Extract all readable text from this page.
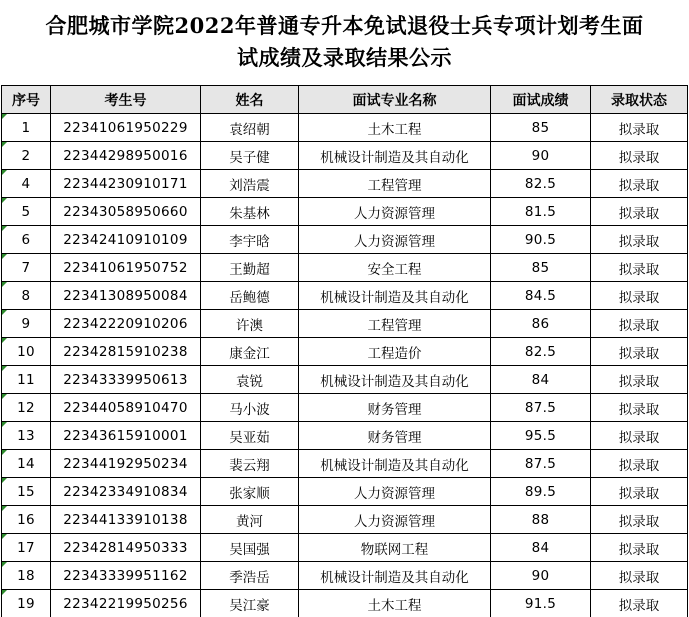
合肥城市学院2022年普通专升本免试退役士兵专项计划考生面
试成绩及录取结果公示
序号	考生号	姓名	面试专业名称	面试成绩	录取状态
1	22341061950229	袁绍朝	土木工程	85	拟录取
2	22344298950016	吴子健	机械设计制造及其自动化	90	拟录取
4	22344230910171	刘浩震	工程管理	82.5	拟录取
5	22343058950660	朱基林	人力资源管理	81.5	拟录取
6	22342410910109	李宇晗	人力资源管理	90.5	拟录取
7	22341061950752	王勤超	安全工程	85	拟录取
8	22341308950084	岳鲍德	机械设计制造及其自动化	84.5	拟录取
9	22342220910206	许澳	工程管理	86	拟录取
10	22342815910238	康金江	工程造价	82.5	拟录取
11	22343339950613	袁锐	机械设计制造及其自动化	84	拟录取
12	22344058910470	马小波	财务管理	87.5	拟录取
13	22343615910001	吴亚茹	财务管理	95.5	拟录取
14	22344192950234	裴云翔	机械设计制造及其自动化	87.5	拟录取
15	22342334910834	张家顺	人力资源管理	89.5	拟录取
16	22344133910138	黄河	人力资源管理	88	拟录取
17	22342814950333	吴国强	物联网工程	84	拟录取
18	22343339951162	季浩岳	机械设计制造及其自动化	90	拟录取
19	22342219950256	吴江豪	土木工程	91.5	拟录取
